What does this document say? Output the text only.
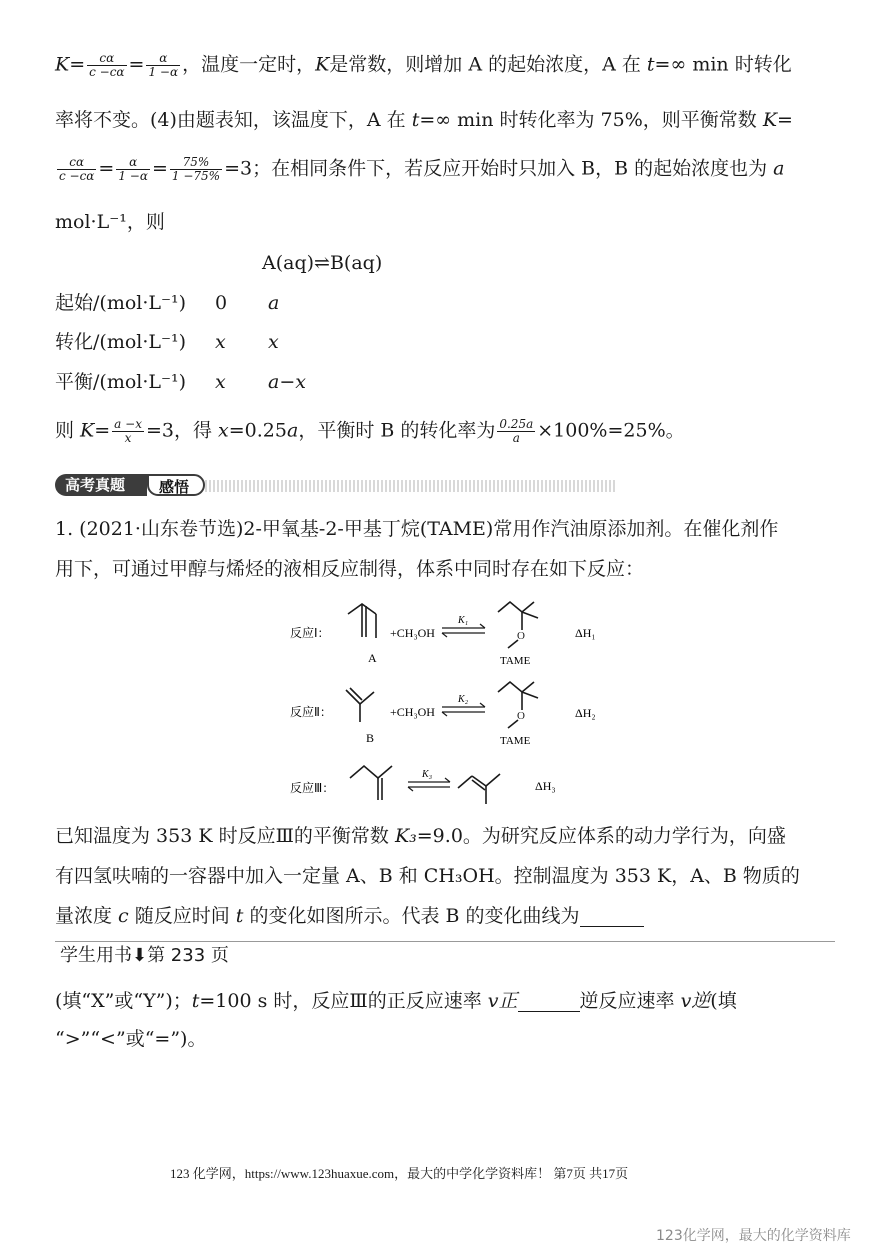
$K= \frac{c\alpha}{c -c\alpha} = \frac{\alpha}{1 -\alpha}$ ，温度一定时，K是常数，则增加 A 的起始浓度，A 在 t=∞ min 时转化
率将不变。(4)由题表知，该温度下，A 在 t=∞ min 时转化率为 75%，则平衡常数 K=
$\frac{c\alpha}{c -c\alpha} = \frac{\alpha}{1 -\alpha} = \frac{75\%}{1 -75\%} =3$；在相同条件下，若反应开始时只加入 B，B 的起始浓度也为 a
mol·L⁻¹，则
A(aq)⇌B(aq)
起始/(mol·L⁻¹) 0 a
转化/(mol·L⁻¹) x x
平衡/(mol·L⁻¹) x a−x
则 $K= \frac{a -x}{x} =3$，得 x=0.25a，平衡时 B 的转化率为 $\frac{0.25a}{a} \times 100\%=25\%$。
高考真题	感悟
1. (2021·山东卷节选)2-甲氧基-2-甲基丁烷(TAME)常用作汽油原添加剂。在催化剂作
用下，可通过甲醇与烯烃的液相反应制得，体系中同时存在如下反应：
反应Ⅰ：
A
+CH₃OH
K₁
O
TAME
ΔH₁
反应Ⅱ：
B
+CH₃OH
K₂
O
TAME
ΔH₂
反应Ⅲ：
K₃
ΔH₃
已知温度为 353 K 时反应Ⅲ的平衡常数 K₃=9.0。为研究反应体系的动力学行为，向盛
有四氢呋喃的一容器中加入一定量 A、B 和 CH₃OH。控制温度为 353 K，A、B 物质的
量浓度 c 随反应时间 t 的变化如图所示。代表 B 的变化曲线为
学生用书⬇第 233 页
(填“X”或“Y”)；t=100 s 时，反应Ⅲ的正反应速率 v正	逆反应速率 v逆(填
“>”“<”或“=”)。
123 化学网，https://www.123huaxue.com，最大的中学化学资料库！ 第7页 共17页
123化学网，最大的化学资料库
